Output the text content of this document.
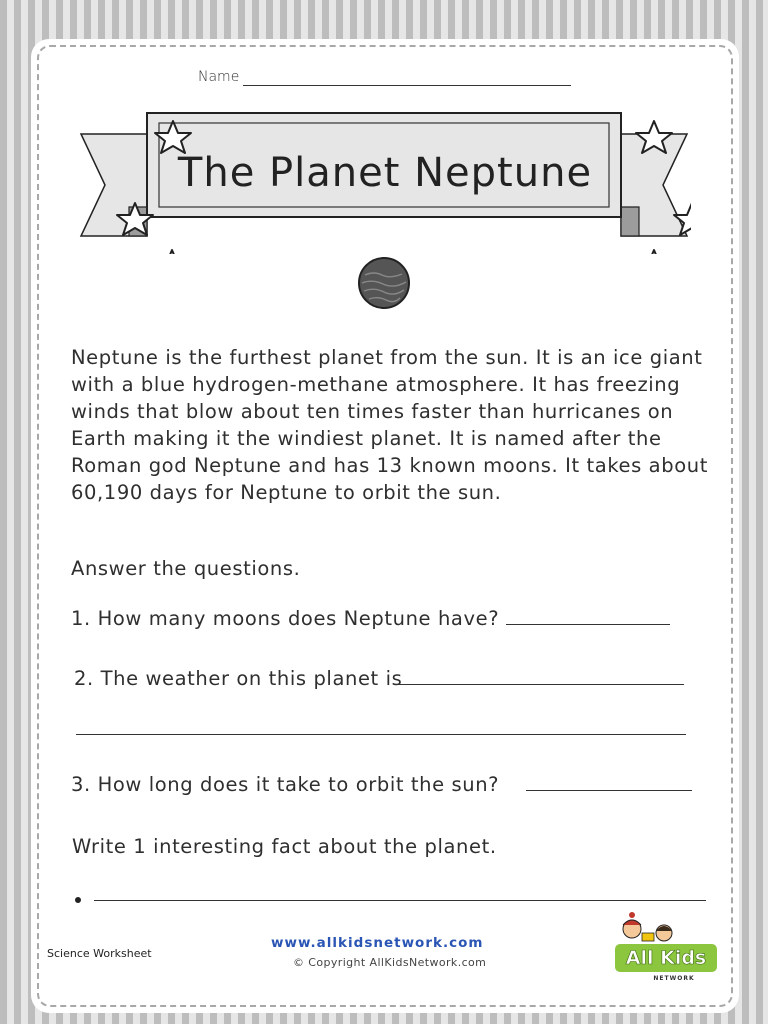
Name
The Planet Neptune
Neptune is the furthest planet from the sun. It is an ice giant with a blue hydrogen-methane atmosphere. It has freezing winds that blow about ten times faster than hurricanes on Earth making it the windiest planet. It is named after the Roman god Neptune and has 13 known moons. It takes about 60,190 days for Neptune to orbit the sun.
Answer the questions.
1. How many moons does Neptune have?
2. The weather on this planet is
3. How long does it take to orbit the sun?
Write 1 interesting fact about the planet.
Science Worksheet
www.allkidsnetwork.com
© Copyright AllKidsNetwork.com	All Kids
NETWORK
